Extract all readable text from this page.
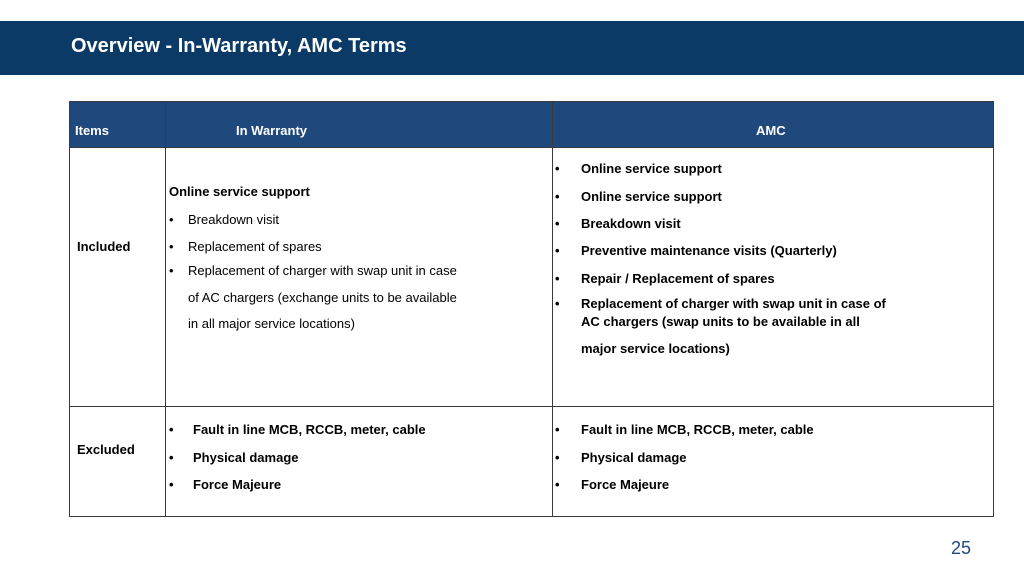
Overview - In-Warranty, AMC Terms
Items	In Warranty	AMC
Included
Online service support
• Breakdown visit
• Replacement of spares
• Replacement of charger with swap unit in case
of AC chargers (exchange units to be available
in all major service locations)
• Online service support
• Online service support
• Breakdown visit
• Preventive maintenance visits (Quarterly)
• Repair / Replacement of spares
• Replacement of charger with swap unit in case of
AC chargers (swap units to be available in all
major service locations)
Excluded
• Fault in line MCB, RCCB, meter, cable
• Physical damage
• Force Majeure
• Fault in line MCB, RCCB, meter, cable
• Physical damage
• Force Majeure
25
